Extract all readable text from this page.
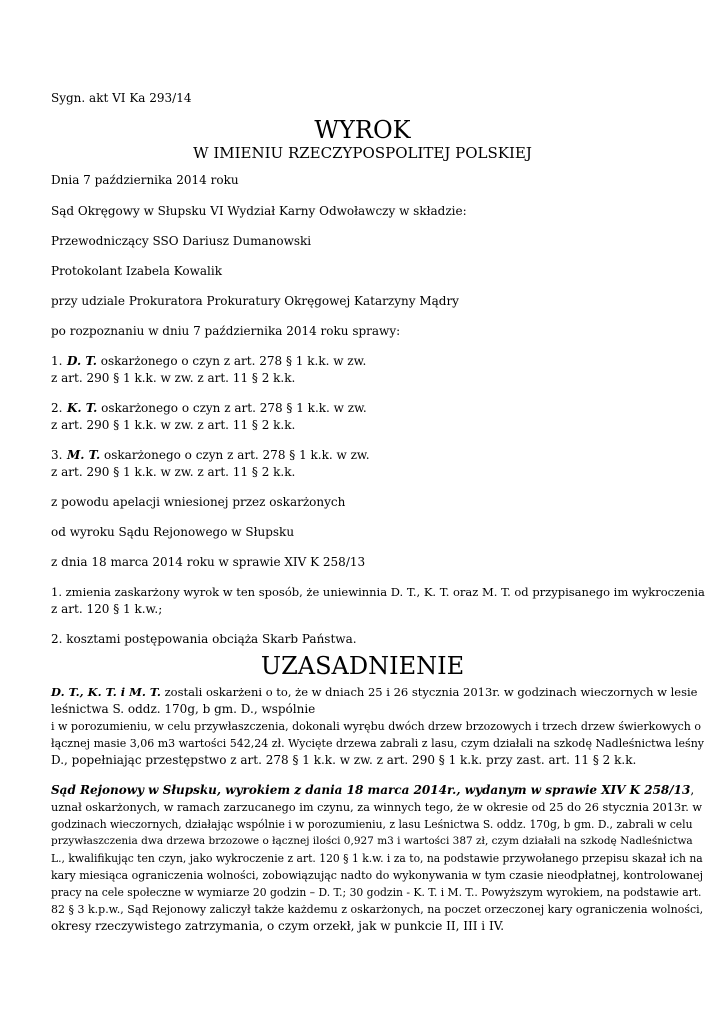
Sygn. akt VI Ka 293/14
WYROK
W IMIENIU RZECZYPOSPOLITEJ POLSKIEJ
Dnia 7 października 2014 roku
Sąd Okręgowy w Słupsku VI Wydział Karny Odwoławczy w składzie:
Przewodniczący SSO Dariusz Dumanowski
Protokolant Izabela Kowalik
przy udziale Prokuratora Prokuratury Okręgowej Katarzyny Mądry
po rozpoznaniu w dniu 7 października 2014 roku sprawy:
1. D. T. oskarżonego o czyn z art. 278 § 1 k.k. w zw.
z art. 290 § 1 k.k. w zw. z art. 11 § 2 k.k.
2. K. T. oskarżonego o czyn z art. 278 § 1 k.k. w zw.
z art. 290 § 1 k.k. w zw. z art. 11 § 2 k.k.
3. M. T. oskarżonego o czyn z art. 278 § 1 k.k. w zw.
z art. 290 § 1 k.k. w zw. z art. 11 § 2 k.k.
z powodu apelacji wniesionej przez oskarżonych
od wyroku Sądu Rejonowego w Słupsku
z dnia 18 marca 2014 roku w sprawie XIV K 258/13
1. zmienia zaskarżony wyrok w ten sposób, że uniewinnia D. T., K. T. oraz M. T. od przypisanego im wykroczenia
z art. 120 § 1 k.w.;
2. kosztami postępowania obciąża Skarb Państwa.
UZASADNIENIE
D. T., K. T. i M. T. zostali oskarżeni o to, że w dniach 25 i 26 stycznia 2013r. w godzinach wieczornych w lesie
leśnictwa S. oddz. 170g, b gm. D., wspólnie
i w porozumieniu, w celu przywłaszczenia, dokonali wyrębu dwóch drzew brzozowych i trzech drzew świerkowych o
łącznej masie 3,06 m3 wartości 542,24 zł. Wycięte drzewa zabrali z lasu, czym działali na szkodę Nadleśnictwa leśny
D., popełniając przestępstwo z art. 278 § 1 k.k. w zw. z art. 290 § 1 k.k. przy zast. art. 11 § 2 k.k.
Sąd Rejonowy w Słupsku, wyrokiem z dania 18 marca 2014r., wydanym w sprawie XIV K 258/13,
uznał oskarżonych, w ramach zarzucanego im czynu, za winnych tego, że w okresie od 25 do 26 stycznia 2013r. w
godzinach wieczornych, działając wspólnie i w porozumieniu, z lasu Leśnictwa S. oddz. 170g, b gm. D., zabrali w celu
przywłaszczenia dwa drzewa brzozowe o łącznej ilości 0,927 m3 i wartości 387 zł, czym działali na szkodę Nadleśnictwa
L., kwalifikując ten czyn, jako wykroczenie z art. 120 § 1 k.w. i za to, na podstawie przywołanego przepisu skazał ich na
kary miesiąca ograniczenia wolności, zobowiązując nadto do wykonywania w tym czasie nieodpłatnej, kontrolowanej
pracy na cele społeczne w wymiarze 20 godzin – D. T.; 30 godzin - K. T. i M. T.. Powyższym wyrokiem, na podstawie art.
82 § 3 k.p.w., Sąd Rejonowy zaliczył także każdemu z oskarżonych, na poczet orzeczonej kary ograniczenia wolności,
okresy rzeczywistego zatrzymania, o czym orzekł, jak w punkcie II, III i IV.
